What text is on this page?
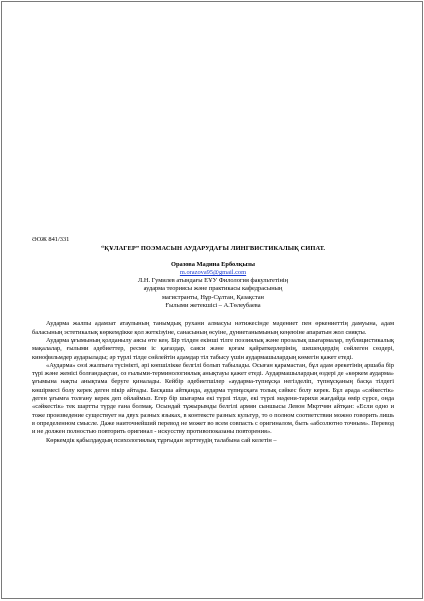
ӘОЖ 841/331
“ҚҰЛАГЕР” ПОЭМАСЫН АУДАРУДАҒЫ ЛИНГВИСТИКАЛЫҚ СИПАТ.
Оразова Мадина Ерболқызы
m.orazova95@gmail.com
Л.Н. Гумилев атындағы ЕҰУ Филология факультетінің
аударма теориясы және практикасы кафедрасының
магистранты, Нұр-Сұлтан, Қазақстан
Ғылыми жетекшісі – А.Төлеубаева

Аударма жалпы адамзат атаулының танымдық рухани алмасуы нәтижесінде мәдениет пен өркениеттің дамуына, адам баласының эстетикалық көркемдікке қол жеткізуіне, санасының өсуіне, дүниетанымының кеңеюіне апаратын жол сияқты.

Аударма ұғымының қолданылу аясы өте кең. Бір тілден екінші тілге поэзиялық және прозалық шығармалар, публицистикалық мақалалар, ғылыми әдебиеттер, ресми іс қағаздар, саяси және қоғам қайраткерлерінің, шешендердің сөйлеген сөздері, кинофильмдер аударылады; әр түрлі тілде сөйлейтін адамдар тіл табысу үшін аудармашылардың көмегін қажет етеді.

«Аударма» сөзі жалпыға түсінікті, әрі көпшілікке белгілі болып табылады. Осыған қарамастан, бұл адам әрекетінің аршаба бір түрі және жемісі болғандықтан, оз ғылыми-терминологиялық анықтауы қажет етеді. Аудармашылардың өздері де «көркем аударма» ұғымына нақты анықтама беруге қиналады. Кейбір әдебиетшілер «аударма-түпнұсқа негізделіп, түпнұсқаның басқа тілдегі көшірмесі болу керек деген пікір айтады. Басқаша айтқанда, аударма түпнұсқаға толық сәйкес болу керек. Бұл арада «сәйкестік» деген ұғымға толғану керек деп ойлаймыз. Егер бір шығарма екі түрлі тілде, екі түрлі мәдени-тарихи жағдайда өмір сүрсе, онда «сәйкестік» тек шартты түрде ғана болмақ. Осындай тұжырымды белгілі армян сыншысы Левон Мкртчян айтқан: «Если одно и тоже произведение существует на двух разных языках, в контексте разных культур, то о полном соответствии можно говорить лишь в определенном смысле. Даже наиточнейший перевод не может во всем совпасть с оригиналом, быть «абсолютно точным». Перевод и не должен полностью повторить оригинал - искусству противопоказаны повторения».

Көркемдік қабылдаудың психологиялық тұрғыдан зерттеудің талабына сай келетін –
